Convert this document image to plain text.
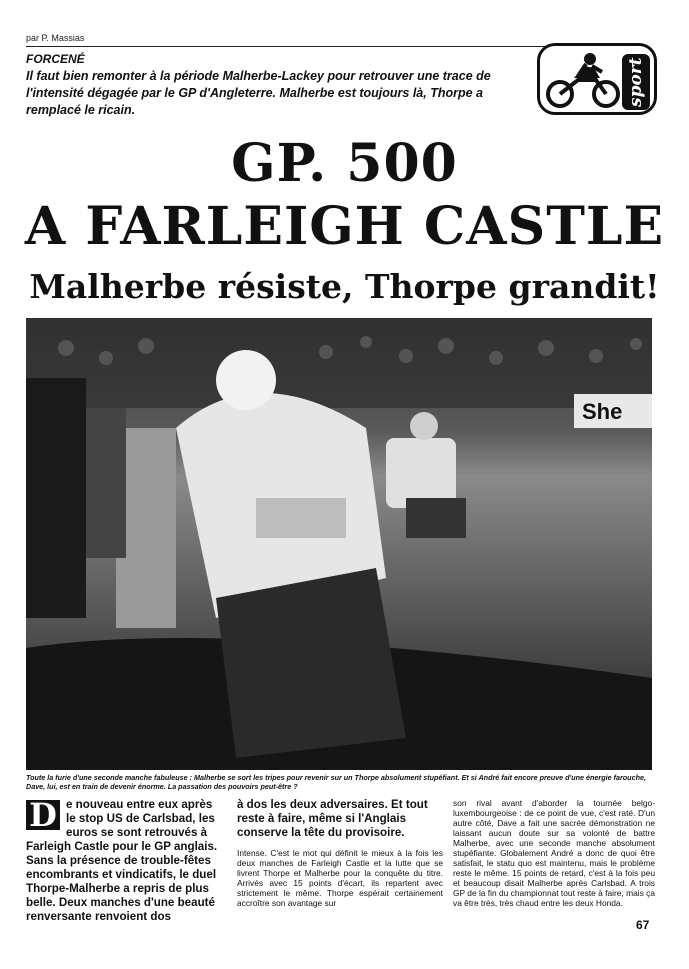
par P. Massias
FORCENÉ
Il faut bien remonter à la période Malherbe-Lackey pour retrouver une trace de l'intensité dégagée par le GP d'Angleterre. Malherbe est toujours là, Thorpe a remplacé le ricain.
sport
GP. 500
A FARLEIGH CASTLE
Malherbe résiste, Thorpe grandit!
She
Toute la furie d'une seconde manche fabuleuse : Malherbe se sort les tripes pour revenir sur un Thorpe absolument stupéfiant. Et si André fait encore preuve d'une énergie farouche, Dave, lui, est en train de devenir énorme. La passation des pouvoirs peut-être ?
D e nouveau entre eux après le stop US de Carlsbad, les euros se sont retrouvés à Farleigh Castle pour le GP anglais. Sans la présence de trouble-fêtes encombrants et vindicatifs, le duel Thorpe-Malherbe a repris de plus belle. Deux manches d'une beauté renversante renvoient dos
à dos les deux adversaires. Et tout reste à faire, même si l'Anglais conserve la tête du provisoire.
Intense. C'est le mot qui définit le mieux à la fois les deux manches de Farleigh Castle et la lutte que se livrent Thorpe et Malherbe pour la conquête du titre. Arrivés avec 15 points d'écart, ils repartent avec strictement le même. Thorpe espérait certainement accroître son avantage sur
son rival avant d'aborder la tournée belgo-luxembourgeoise : de ce point de vue, c'est raté. D'un autre côté, Dave a fait une sacrée démonstration ne laissant aucun doute sur sa volonté de battre Malherbe, avec une seconde manche absolument stupéfiante. Globalement André a donc de quoi être satisfait, le statu quo est maintenu, mais le problème reste le même. 15 points de retard, c'est à la fois peu et beaucoup disait Malherbe après Carlsbad. A trois GP de la fin du championnat tout reste à faire, mais ça va être très, très chaud entre les deux Honda.
67
